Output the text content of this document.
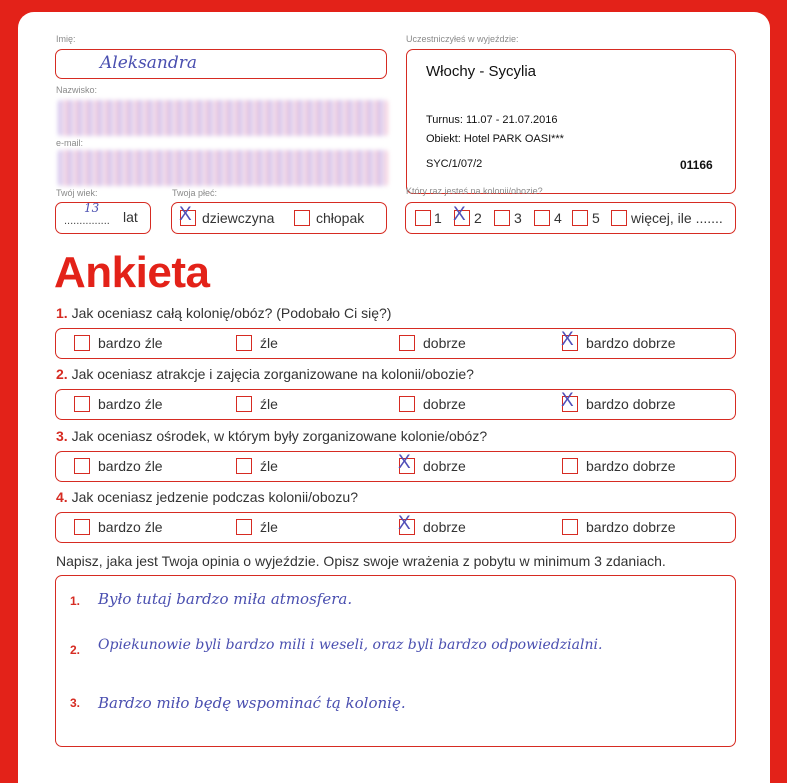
Imię:
Aleksandra
Nazwisko:
e-mail:
Twój wiek:
...............
13
lat
Twoja płeć:
X dziewczyna	chłopak
Uczestniczyłeś w wyjeździe:
Włochy - Sycylia
Turnus: 11.07 - 21.07.2016
Obiekt: Hotel PARK OASI***
SYC/1/07/2	01166
Który raz jesteś na kolonii/obozie?
1 X 2 3 4 5 więcej, ile .......
Ankieta
1. Jak oceniasz całą kolonię/obóz? (Podobało Ci się?)
bardzo źle	źle	dobrze	X bardzo dobrze
2. Jak oceniasz atrakcje i zajęcia zorganizowane na kolonii/obozie?
bardzo źle	źle	dobrze	X bardzo dobrze
3. Jak oceniasz ośrodek, w którym były zorganizowane kolonie/obóz?
bardzo źle	źle	X dobrze	bardzo dobrze
4. Jak oceniasz jedzenie podczas kolonii/obozu?
bardzo źle	źle	X dobrze	bardzo dobrze
Napisz, jaka jest Twoja opinia o wyjeździe. Opisz swoje wrażenia z pobytu w minimum 3 zdaniach.
1. Było tutaj bardzo miła atmosfera.
2. Opiekunowie byli bardzo mili i weseli, oraz byli bardzo odpowiedzialni.
3. Bardzo miło będę wspominać tą kolonię.
